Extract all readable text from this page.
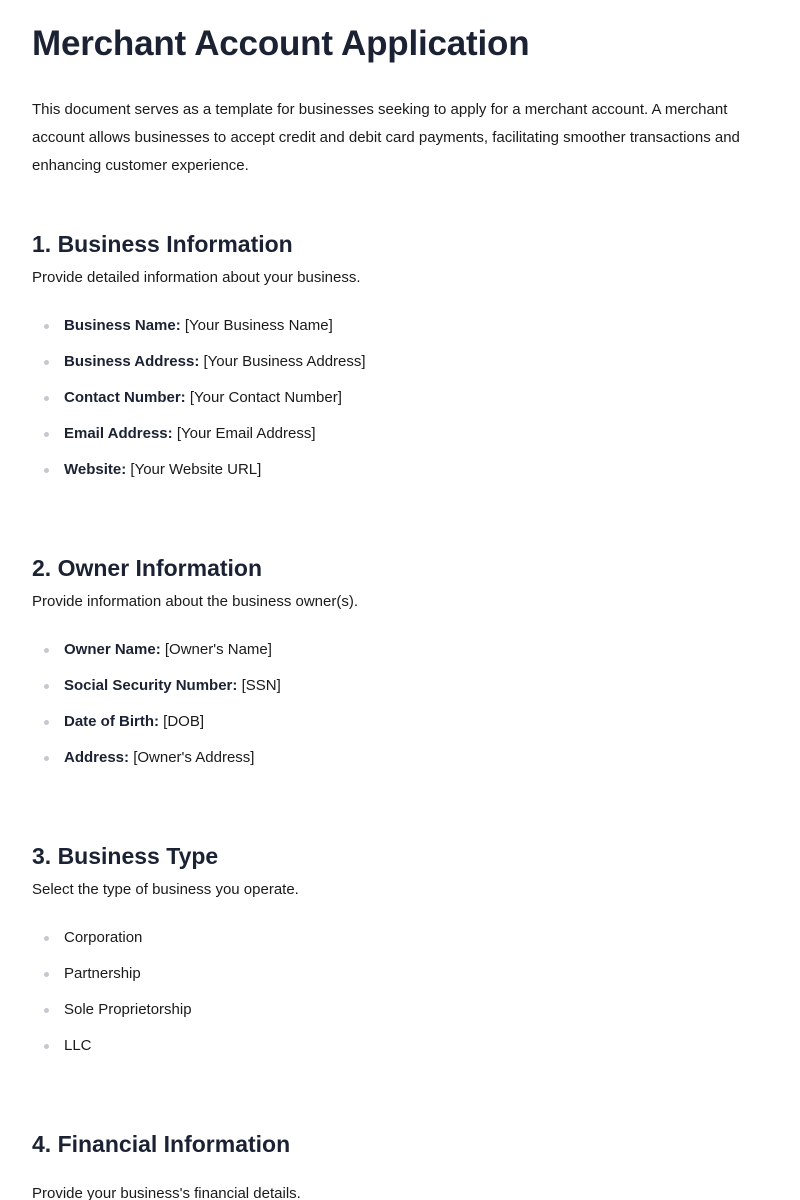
Merchant Account Application

This document serves as a template for businesses seeking to apply for a merchant account. A merchant account allows businesses to accept credit and debit card payments, facilitating smoother transactions and enhancing customer experience.

1. Business Information

Provide detailed information about your business.

Business Name: [Your Business Name]
Business Address: [Your Business Address]
Contact Number: [Your Contact Number]
Email Address: [Your Email Address]
Website: [Your Website URL]
2. Owner Information

Provide information about the business owner(s).

Owner Name: [Owner's Name]
Social Security Number: [SSN]
Date of Birth: [DOB]
Address: [Owner's Address]
3. Business Type

Select the type of business you operate.

Corporation
Partnership
Sole Proprietorship
LLC
4. Financial Information

Provide your business's financial details.
